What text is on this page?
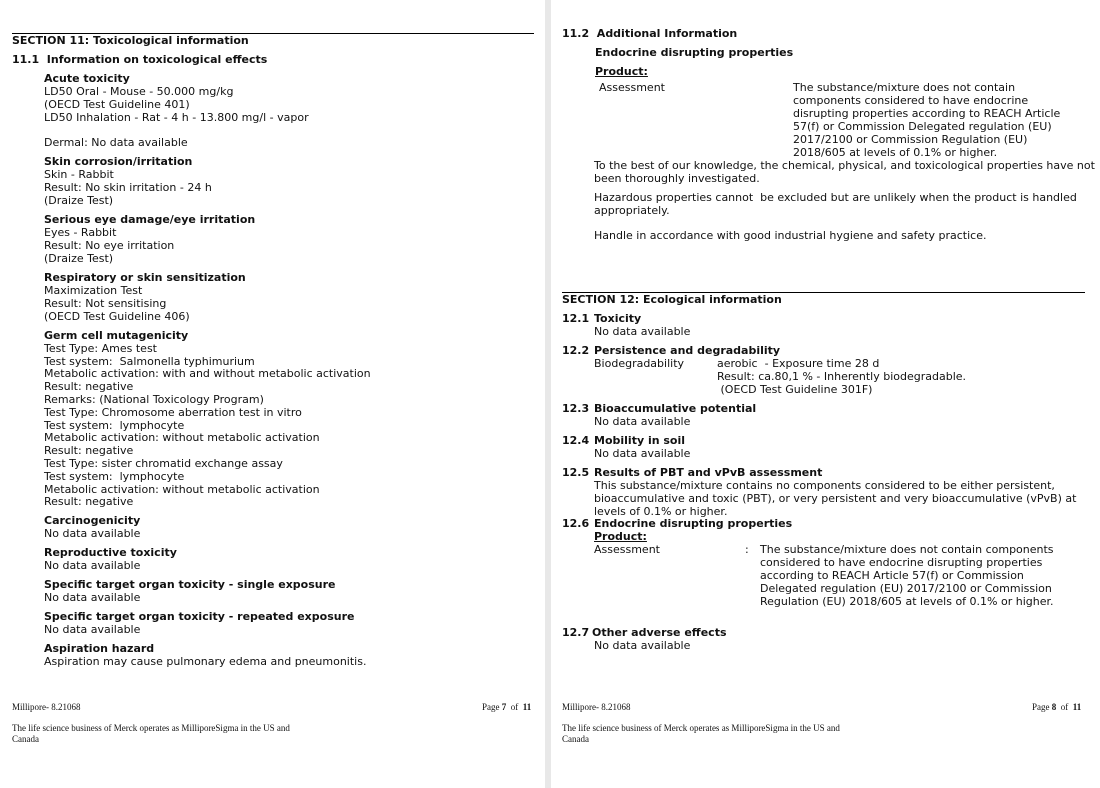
SECTION 11: Toxicological information
11.1  Information on toxicological effects
Acute toxicity
LD50 Oral - Mouse - 50.000 mg/kg
(OECD Test Guideline 401)
LD50 Inhalation - Rat - 4 h - 13.800 mg/l - vapor
Dermal: No data available
Skin corrosion/irritation
Skin - Rabbit
Result: No skin irritation - 24 h
(Draize Test)
Serious eye damage/eye irritation
Eyes - Rabbit
Result: No eye irritation
(Draize Test)
Respiratory or skin sensitization
Maximization Test
Result: Not sensitising
(OECD Test Guideline 406)
Germ cell mutagenicity
Test Type: Ames test
Test system:  Salmonella typhimurium
Metabolic activation: with and without metabolic activation
Result: negative
Remarks: (National Toxicology Program)
Test Type: Chromosome aberration test in vitro
Test system:  lymphocyte
Metabolic activation: without metabolic activation
Result: negative
Test Type: sister chromatid exchange assay
Test system:  lymphocyte
Metabolic activation: without metabolic activation
Result: negative
Carcinogenicity
No data available
Reproductive toxicity
No data available
Specific target organ toxicity - single exposure
No data available
Specific target organ toxicity - repeated exposure
No data available
Aspiration hazard
Aspiration may cause pulmonary edema and pneumonitis.
Millipore- 8.21068	Page 7 of 11
The life science business of Merck operates as MilliporeSigma in the US and
Canada
11.2  Additional Information
Endocrine disrupting properties
Product:
Assessment	The substance/mixture does not contain
components considered to have endocrine
disrupting properties according to REACH Article
57(f) or Commission Delegated regulation (EU)
2017/2100 or Commission Regulation (EU)
2018/605 at levels of 0.1% or higher.
To the best of our knowledge, the chemical, physical, and toxicological properties have not
been thoroughly investigated.
Hazardous properties cannot  be excluded but are unlikely when the product is handled
appropriately.
Handle in accordance with good industrial hygiene and safety practice.
SECTION 12: Ecological information
12.1 Toxicity
No data available
12.2 Persistence and degradability
Biodegradability	aerobic  - Exposure time 28 d
Result: ca.80,1 % - Inherently biodegradable.
(OECD Test Guideline 301F)
12.3 Bioaccumulative potential
No data available
12.4 Mobility in soil
No data available
12.5 Results of PBT and vPvB assessment
This substance/mixture contains no components considered to be either persistent,
bioaccumulative and toxic (PBT), or very persistent and very bioaccumulative (vPvB) at
levels of 0.1% or higher.
12.6 Endocrine disrupting properties
Product:
Assessment	: The substance/mixture does not contain components
considered to have endocrine disrupting properties
according to REACH Article 57(f) or Commission
Delegated regulation (EU) 2017/2100 or Commission
Regulation (EU) 2018/605 at levels of 0.1% or higher.
12.7 Other adverse effects
No data available
Millipore- 8.21068	Page 8 of 11
The life science business of Merck operates as MilliporeSigma in the US and
Canada
